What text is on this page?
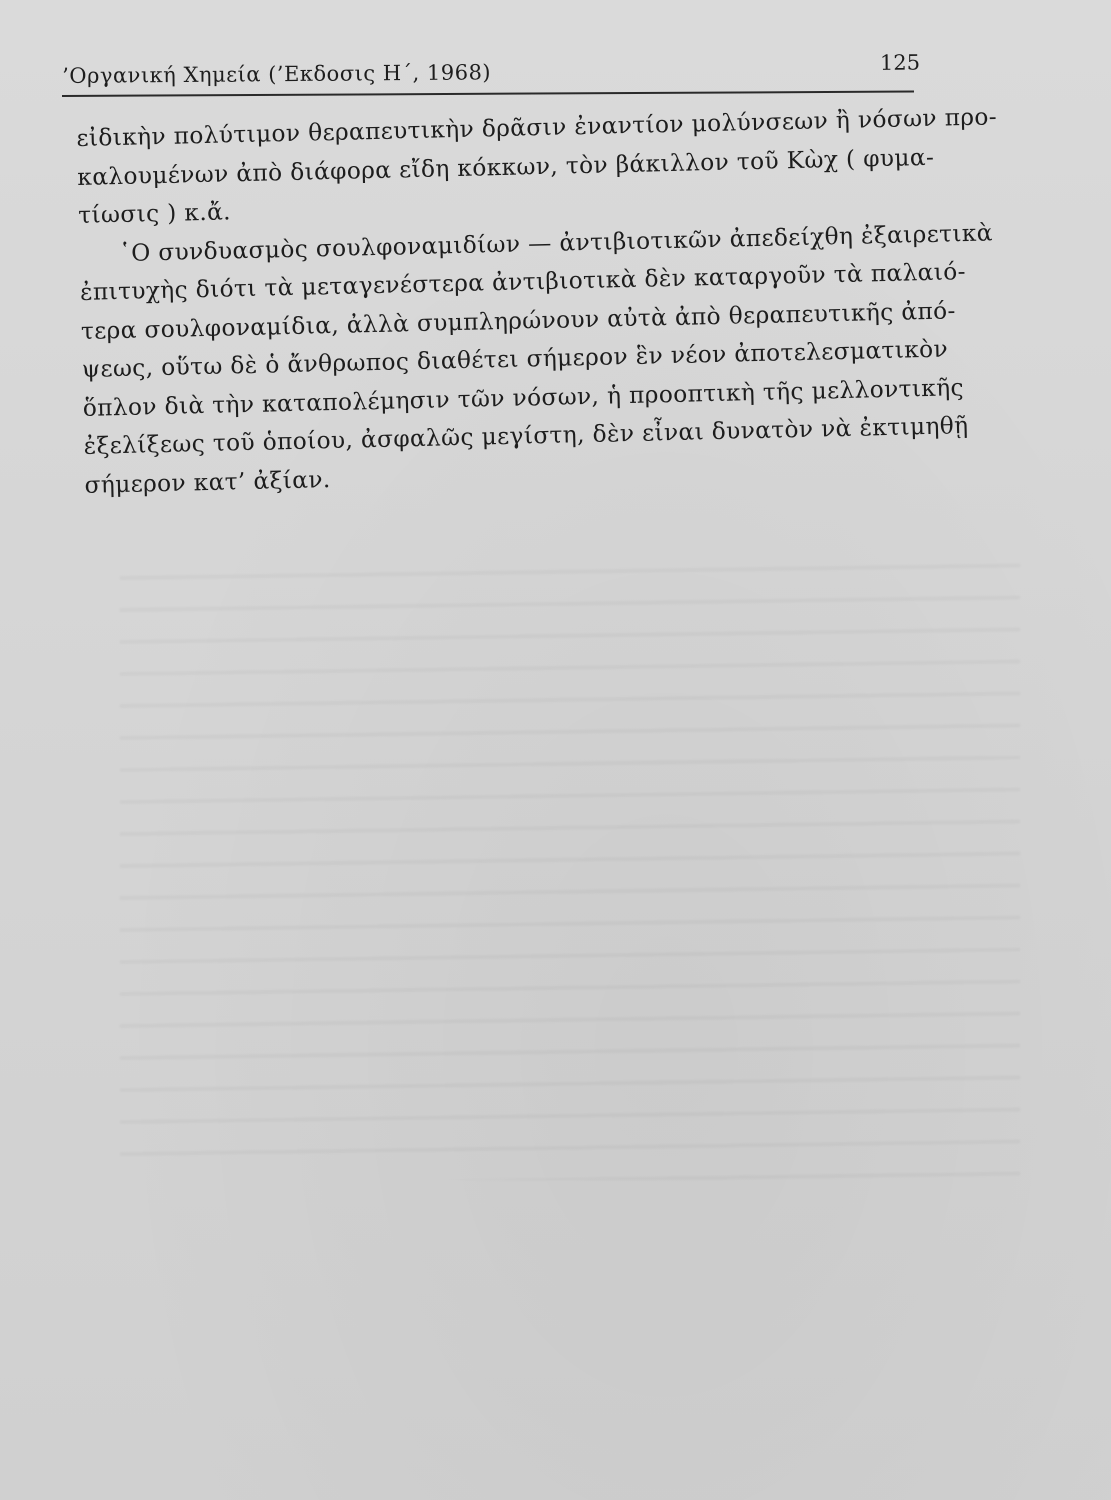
’Οργανική Χημεία (’Εκδοσις Η΄, 1968)	125
εἰδικὴν πολύτιμον θεραπευτικὴν δρᾶσιν ἐναντίον μολύνσεων ἢ νόσων προ-
καλουμένων ἀπὸ διάφορα εἴδη κόκκων, τὸν βάκιλλον τοῦ Κὼχ ( φυμα-
τίωσις ) κ.ἄ.
῾Ο συνδυασμὸς σουλφοναμιδίων — ἀντιβιοτικῶν ἀπεδείχθη ἐξαιρετικὰ
ἐπιτυχὴς διότι τὰ μεταγενέστερα ἀντιβιοτικὰ δὲν καταργοῦν τὰ παλαιό-
τερα σουλφοναμίδια, ἀλλὰ συμπληρώνουν αὐτὰ ἀπὸ θεραπευτικῆς ἀπό-
ψεως, οὕτω δὲ ὁ ἄνθρωπος διαθέτει σήμερον ἓν νέον ἀποτελεσματικὸν
ὅπλον διὰ τὴν καταπολέμησιν τῶν νόσων, ἡ προοπτικὴ τῆς μελλοντικῆς
ἐξελίξεως τοῦ ὁποίου, ἀσφαλῶς μεγίστη, δὲν εἶναι δυνατὸν νὰ ἐκτιμηθῇ
σήμερον κατ’ ἀξίαν.
